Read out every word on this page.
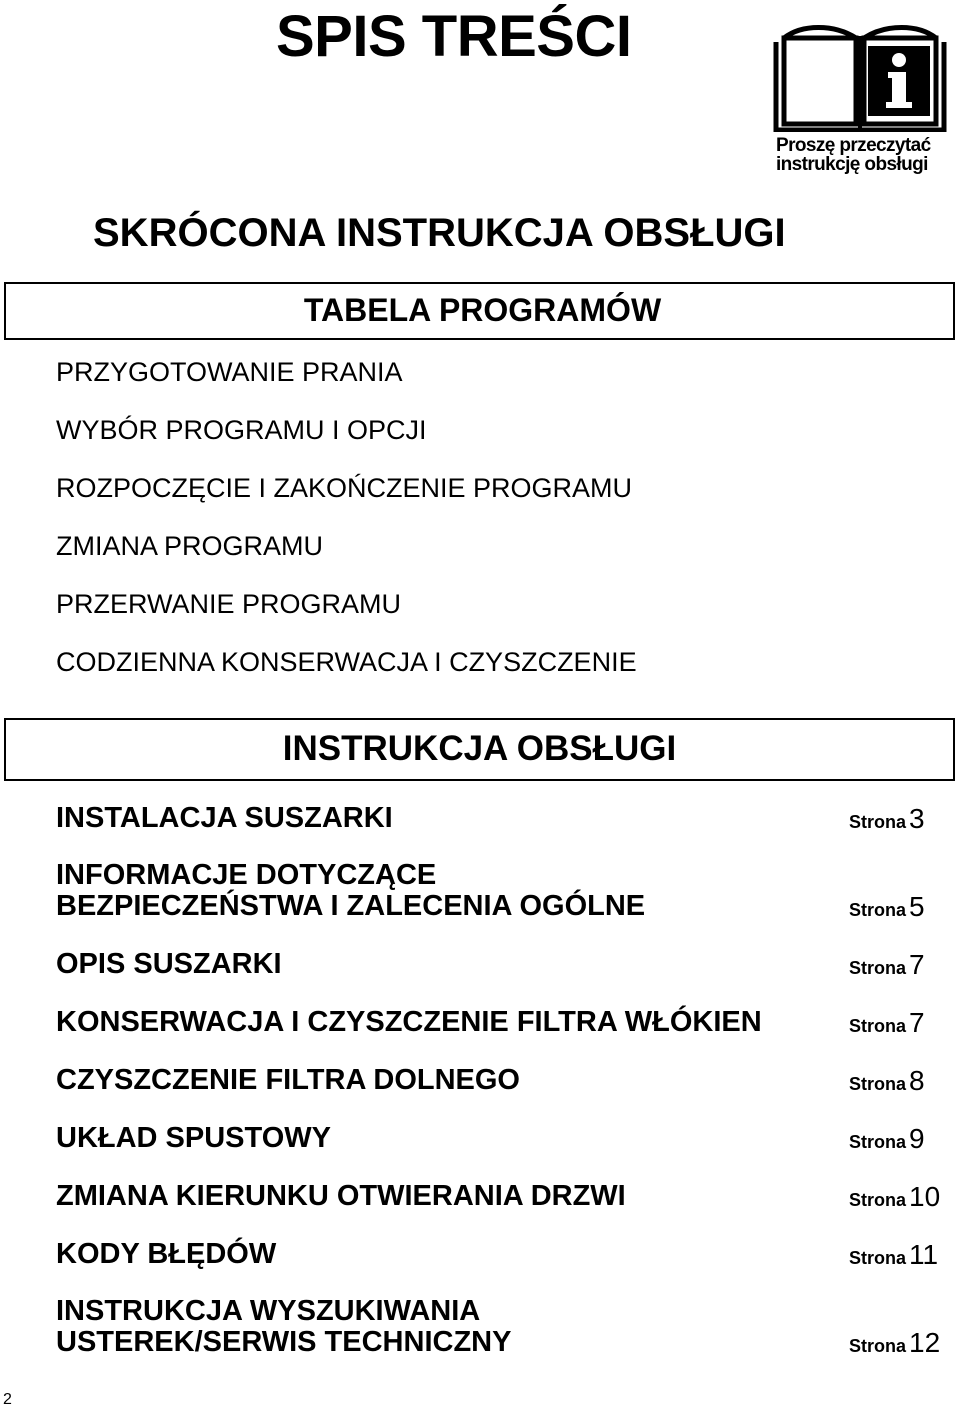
SPIS TREŚCI
Proszę przeczytać
instrukcję obsługi
SKRÓCONA INSTRUKCJA OBSŁUGI
TABELA PROGRAMÓW
PRZYGOTOWANIE PRANIA
WYBÓR PROGRAMU I OPCJI
ROZPOCZĘCIE I ZAKOŃCZENIE PROGRAMU
ZMIANA PROGRAMU
PRZERWANIE PROGRAMU
CODZIENNA KONSERWACJA I CZYSZCZENIE
INSTRUKCJA OBSŁUGI
INSTALACJA SUSZARKI	Strona 3
INFORMACJE DOTYCZĄCE
BEZPIECZEŃSTWA I ZALECENIA OGÓLNE	Strona 5
OPIS SUSZARKI	Strona 7
KONSERWACJA I CZYSZCZENIE FILTRA WŁÓKIEN	Strona 7
CZYSZCZENIE FILTRA DOLNEGO	Strona 8
UKŁAD SPUSTOWY	Strona 9
ZMIANA KIERUNKU OTWIERANIA DRZWI	Strona 10
KODY BŁĘDÓW	Strona 11
INSTRUKCJA WYSZUKIWANIA
USTEREK/SERWIS TECHNICZNY	Strona 12
2
